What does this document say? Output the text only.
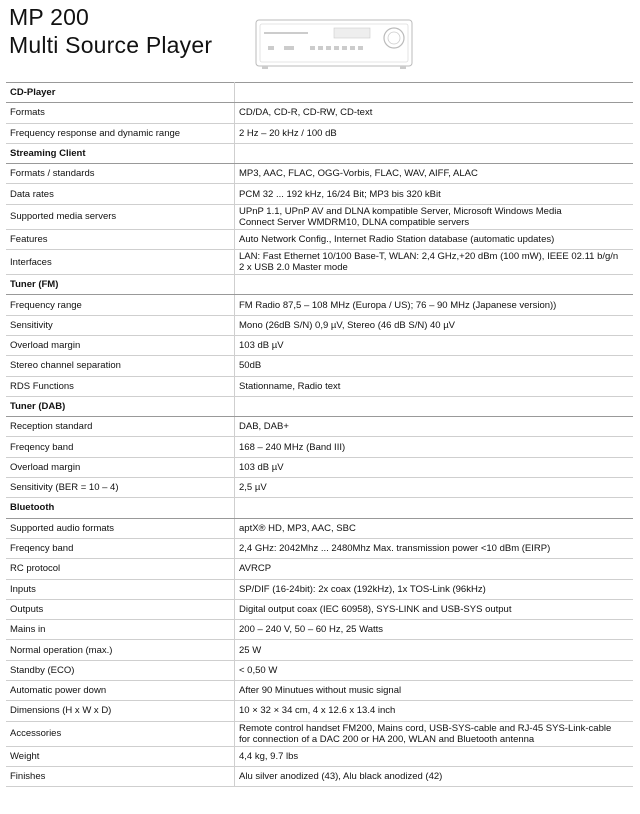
MP 200
Multi Source Player
CD-Player	
Formats	CD/DA, CD-R, CD-RW, CD-text

Frequency response and dynamic range	2 Hz – 20 kHz / 100 dB

Streaming Client	
Formats / standards	MP3, AAC, FLAC, OGG-Vorbis, FLAC, WAV, AIFF, ALAC

Data rates	PCM 32 ... 192 kHz, 16/24 Bit; MP3 bis 320 kBit

Supported media servers	UPnP 1.1, UPnP AV and DLNA kompatible Server, Microsoft Windows Media
Connect Server WMDRM10, DLNA compatible servers

Features	Auto Network Config., Internet Radio Station database (automatic updates)

Interfaces	LAN: Fast Ethernet 10/100 Base-T, WLAN: 2,4 GHz,+20 dBm (100 mW), IEEE 02.11 b/g/n
2 x USB 2.0 Master mode

Tuner (FM)	
Frequency range	FM Radio 87,5 – 108 MHz (Europa / US); 76 – 90 MHz (Japanese version))

Sensitivity	Mono (26dB S/N) 0,9 µV, Stereo (46 dB S/N) 40 µV

Overload margin	103 dB µV

Stereo channel separation	50dB

RDS Functions	Stationname, Radio text

Tuner (DAB)	
Reception standard	DAB, DAB+

Freqency band	168 – 240 MHz (Band III)

Overload margin	103 dB µV

Sensitivity (BER = 10 – 4)	2,5 µV

Bluetooth	
Supported audio formats	aptX® HD, MP3, AAC, SBC

Freqency band	2,4 GHz: 2042Mhz ... 2480Mhz Max. transmission power <10 dBm (EIRP)

RC protocol	AVRCP

Inputs	SP/DIF (16-24bit): 2x coax (192kHz), 1x TOS-Link (96kHz)

Outputs	Digital output coax (IEC 60958), SYS-LINK and USB-SYS output

Mains in	200 – 240 V, 50 – 60 Hz, 25 Watts

Normal operation (max.)	25 W

Standby (ECO)	< 0,50 W

Automatic power down	After 90 Minutues without music signal

Dimensions (H x W x D)	10 × 32 × 34 cm, 4 x 12.6 x 13.4 inch

Accessories	Remote control handset FM200, Mains cord, USB-SYS-cable and RJ-45 SYS-Link-cable
for connection of a DAC 200 or HA 200, WLAN and Bluetooth antenna

Weight	4,4 kg, 9.7 lbs

Finishes	Alu silver anodized (43), Alu black anodized (42)
